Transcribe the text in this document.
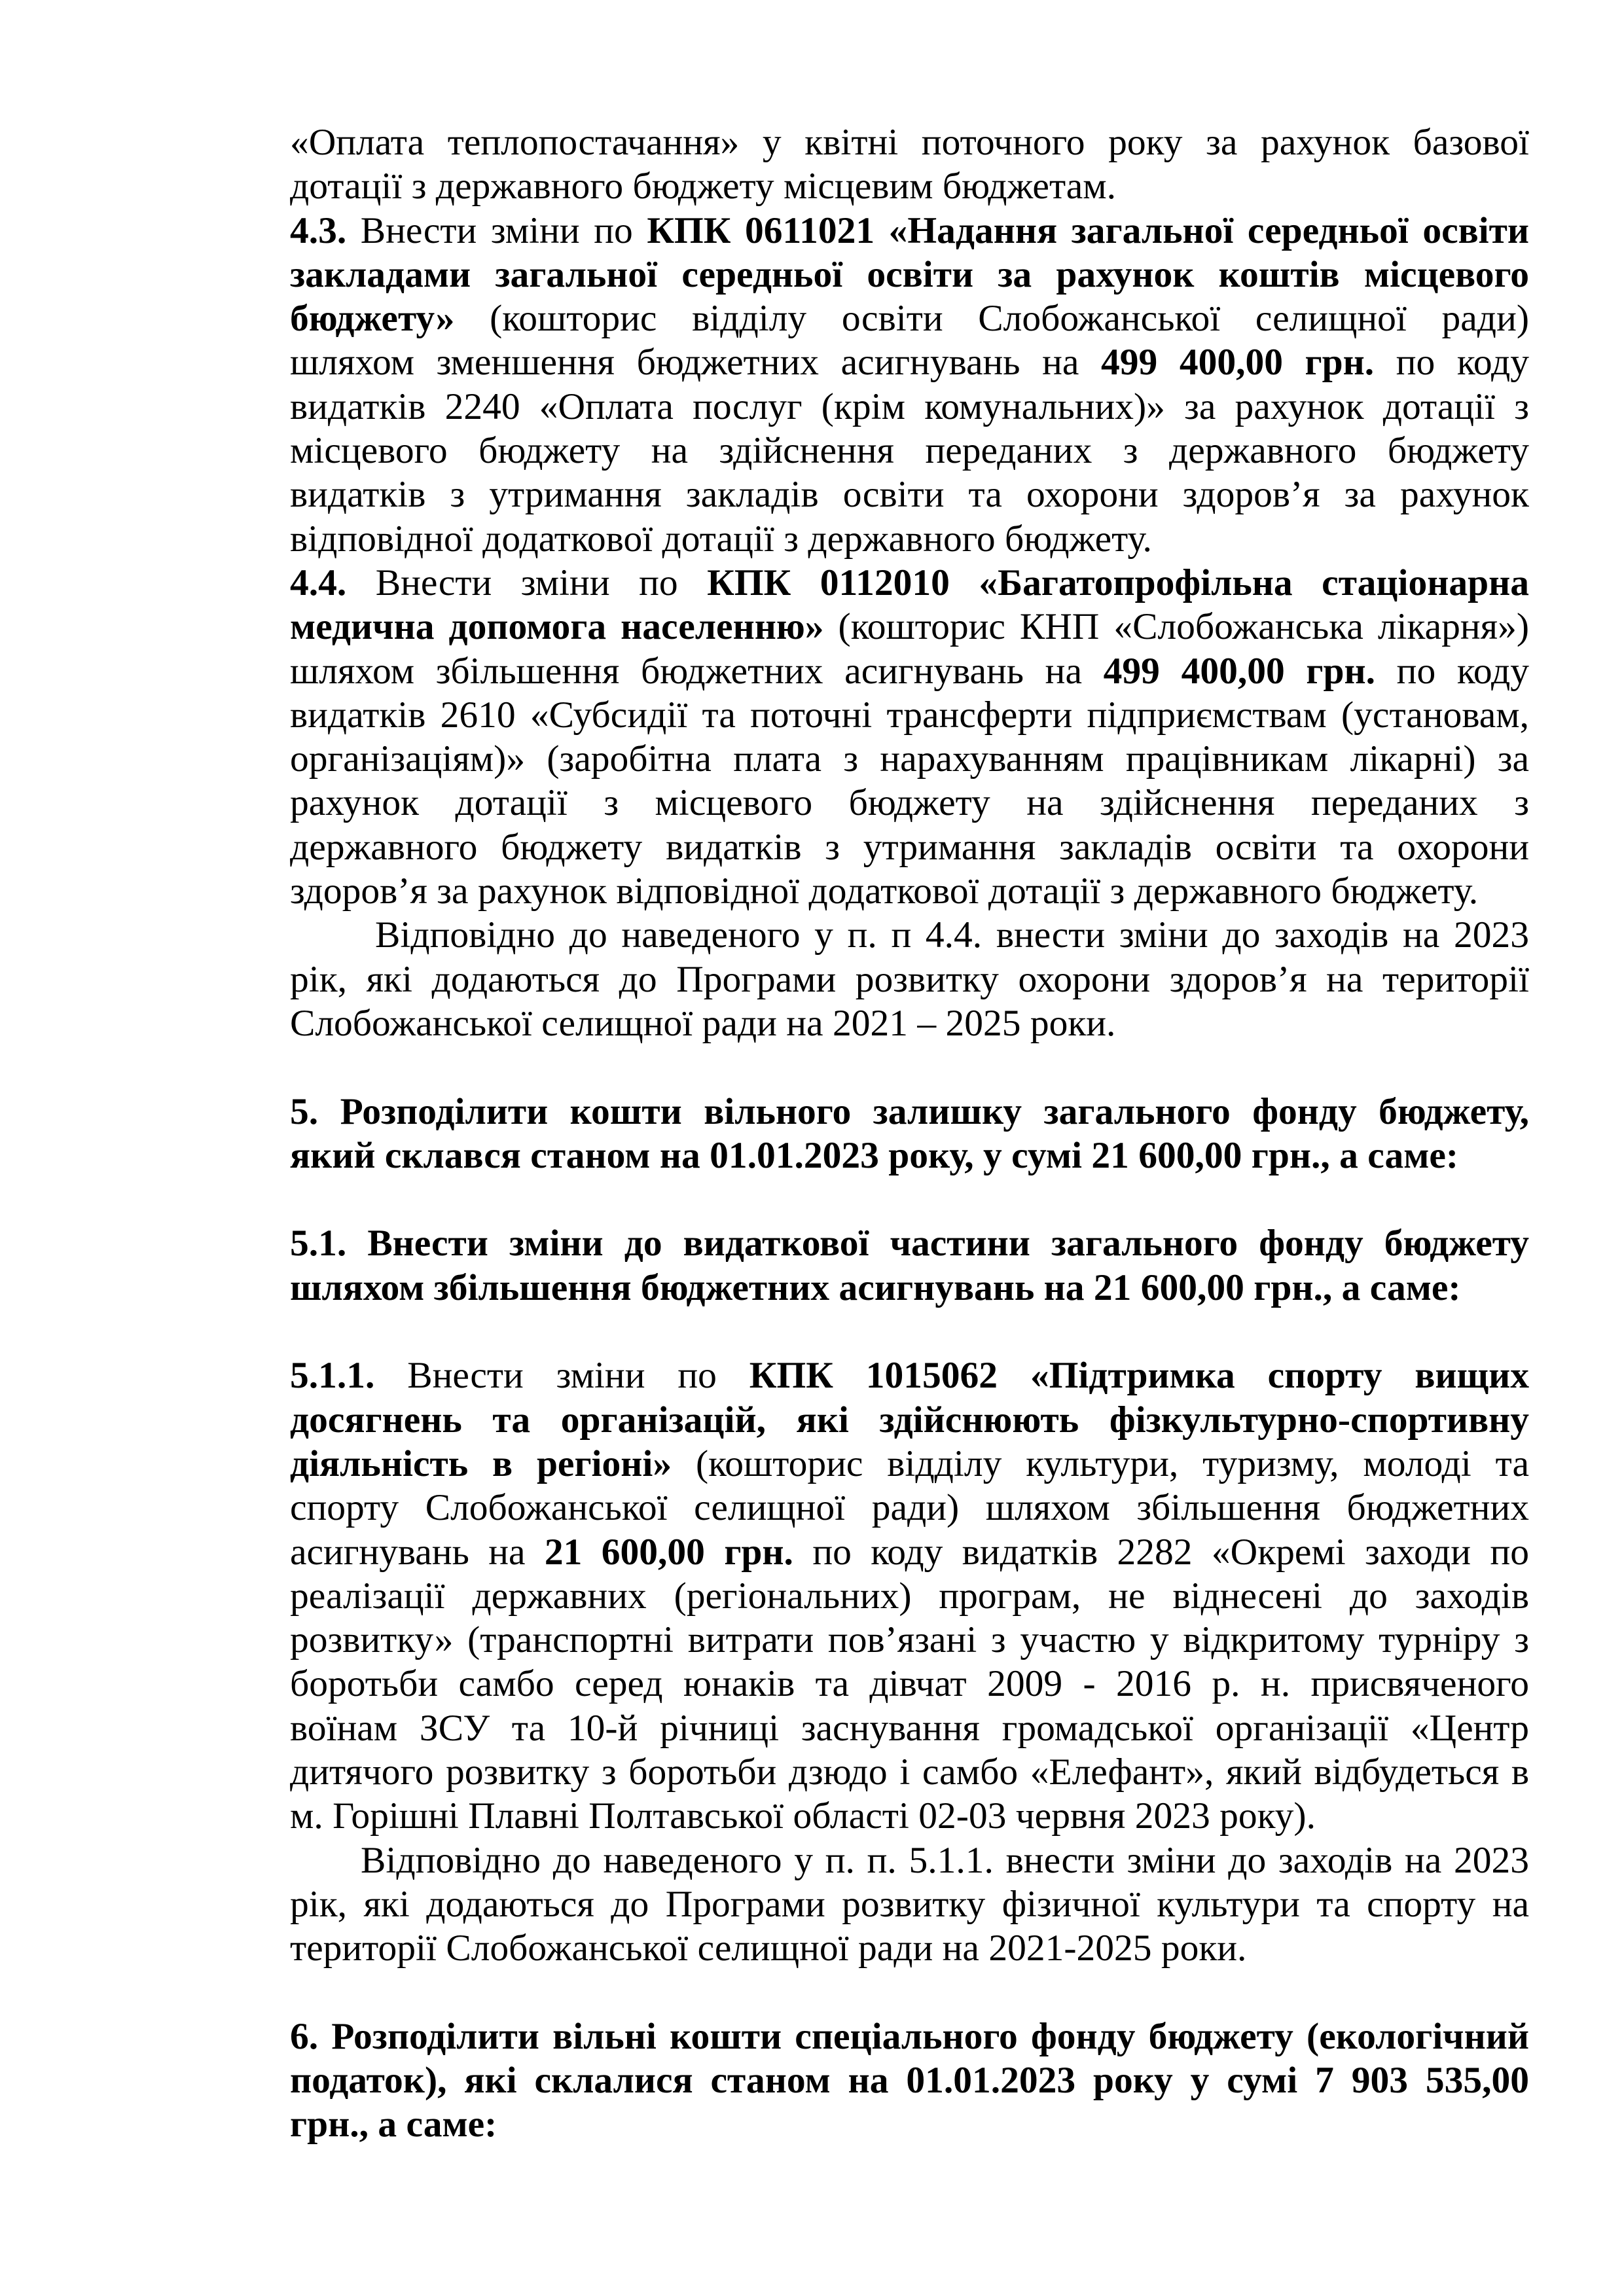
«Оплата теплопостачання» у квітні поточного року за рахунок базової
дотації з державного бюджету місцевим бюджетам.
4.3. Внести зміни по КПК 0611021 «Надання загальної середньої освіти
закладами загальної середньої освіти за рахунок коштів місцевого
бюджету» (кошторис відділу освіти Слобожанської селищної ради)
шляхом зменшення бюджетних асигнувань на 499 400,00 грн. по коду
видатків 2240 «Оплата послуг (крім комунальних)» за рахунок дотації з
місцевого бюджету на здійснення переданих з державного бюджету
видатків з утримання закладів освіти та охорони здоров’я за рахунок
відповідної додаткової дотації з державного бюджету.
4.4. Внести зміни по КПК 0112010 «Багатопрофільна стаціонарна
медична допомога населенню» (кошторис КНП «Слобожанська лікарня»)
шляхом збільшення бюджетних асигнувань на 499 400,00 грн. по коду
видатків 2610 «Субсидії та поточні трансферти підприємствам (установам,
організаціям)» (заробітна плата з нарахуванням працівникам лікарні) за
рахунок дотації з місцевого бюджету на здійснення переданих з
державного бюджету видатків з утримання закладів освіти та охорони
здоров’я за рахунок відповідної додаткової дотації з державного бюджету.
Відповідно до наведеного у п. п 4.4. внести зміни до заходів на 2023
рік, які додаються до Програми розвитку охорони здоров’я на території
Слобожанської селищної ради на 2021 – 2025 роки.
5. Розподілити кошти вільного залишку загального фонду бюджету,
який склався станом на 01.01.2023 року, у сумі 21 600,00 грн., а саме:
5.1. Внести зміни до видаткової частини загального фонду бюджету
шляхом збільшення бюджетних асигнувань на 21 600,00 грн., а саме:
5.1.1. Внести зміни по КПК 1015062 «Підтримка спорту вищих
досягнень та організацій, які здійснюють фізкультурно-спортивну
діяльність в регіоні» (кошторис відділу культури, туризму, молоді та
спорту Слобожанської селищної ради) шляхом збільшення бюджетних
асигнувань на 21 600,00 грн. по коду видатків 2282 «Окремі заходи по
реалізації державних (регіональних) програм, не віднесені до заходів
розвитку» (транспортні витрати пов’язані з участю у відкритому турніру з
боротьби самбо серед юнаків та дівчат 2009 - 2016 р. н. присвяченого
воїнам ЗСУ та 10-й річниці заснування громадської організації «Центр
дитячого розвитку з боротьби дзюдо і самбо «Елефант», який відбудеться в
м. Горішні Плавні Полтавської області 02-03 червня 2023 року).
Відповідно до наведеного у п. п. 5.1.1. внести зміни до заходів на 2023
рік, які додаються до Програми розвитку фізичної культури та спорту на
території Слобожанської селищної ради на 2021-2025 роки.
6. Розподілити вільні кошти спеціального фонду бюджету (екологічний
податок), які склалися станом на 01.01.2023 року у сумі 7 903 535,00
грн., а саме:
